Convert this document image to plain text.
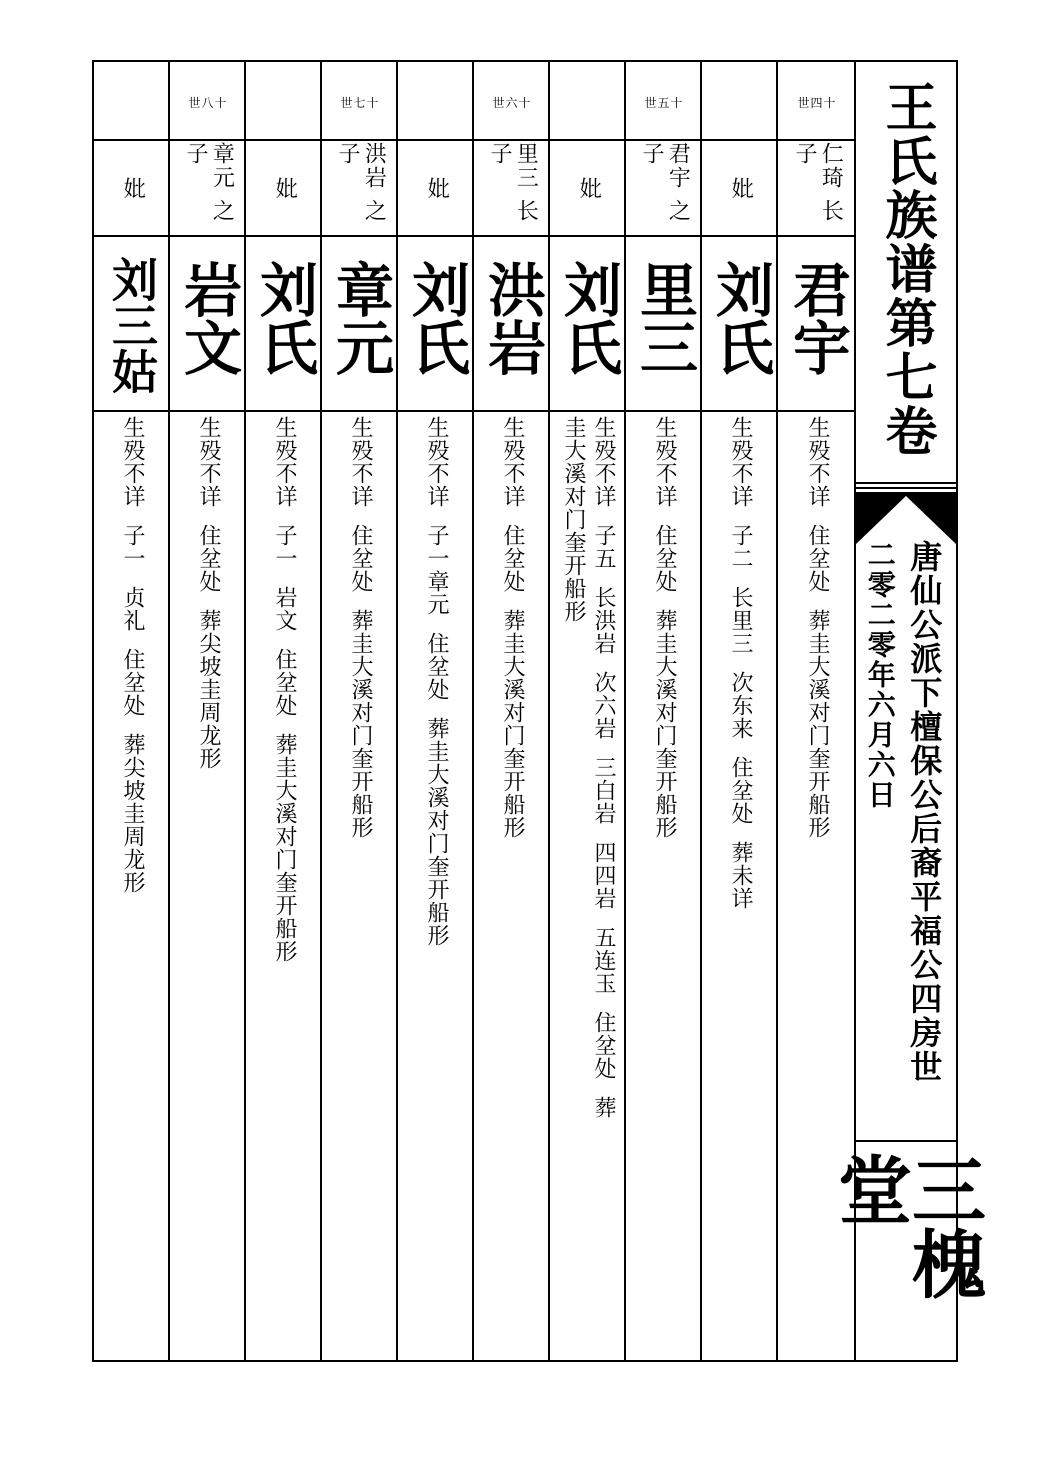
世四十
仁琦 长子
君宇
生殁不详  住坌处  葬圭大溪对门奎开船形
妣
刘氏
生殁不详  子二  长里三  次东来  住坌处  葬未详
世五十
君宇 之子
里三
生殁不详  住坌处  葬圭大溪对门奎开船形
妣
刘氏
生殁不详  子五  长洪岩  次六岩  三白岩  四四岩  五连玉  住坌处  葬
圭大溪对门奎开船形
世六十
里三 长子
洪岩
生殁不详  住坌处  葬圭大溪对门奎开船形
妣
刘氏
生殁不详  子一章元  住坌处  葬圭大溪对门奎开船形
世七十
洪岩 之子
章元
生殁不详  住坌处  葬圭大溪对门奎开船形
妣
刘氏
生殁不详  子一  岩文  住坌处  葬圭大溪对门奎开船形
世八十
章元 之子
岩文
生殁不详  住坌处  葬尖坡圭周龙形
妣
刘三姑
生殁不详  子一  贞礼  住坌处  葬尖坡圭周龙形
王氏族谱第七卷
唐仙公派下檀保公后裔平福公四房世
二零二零年六月六日
三槐堂
